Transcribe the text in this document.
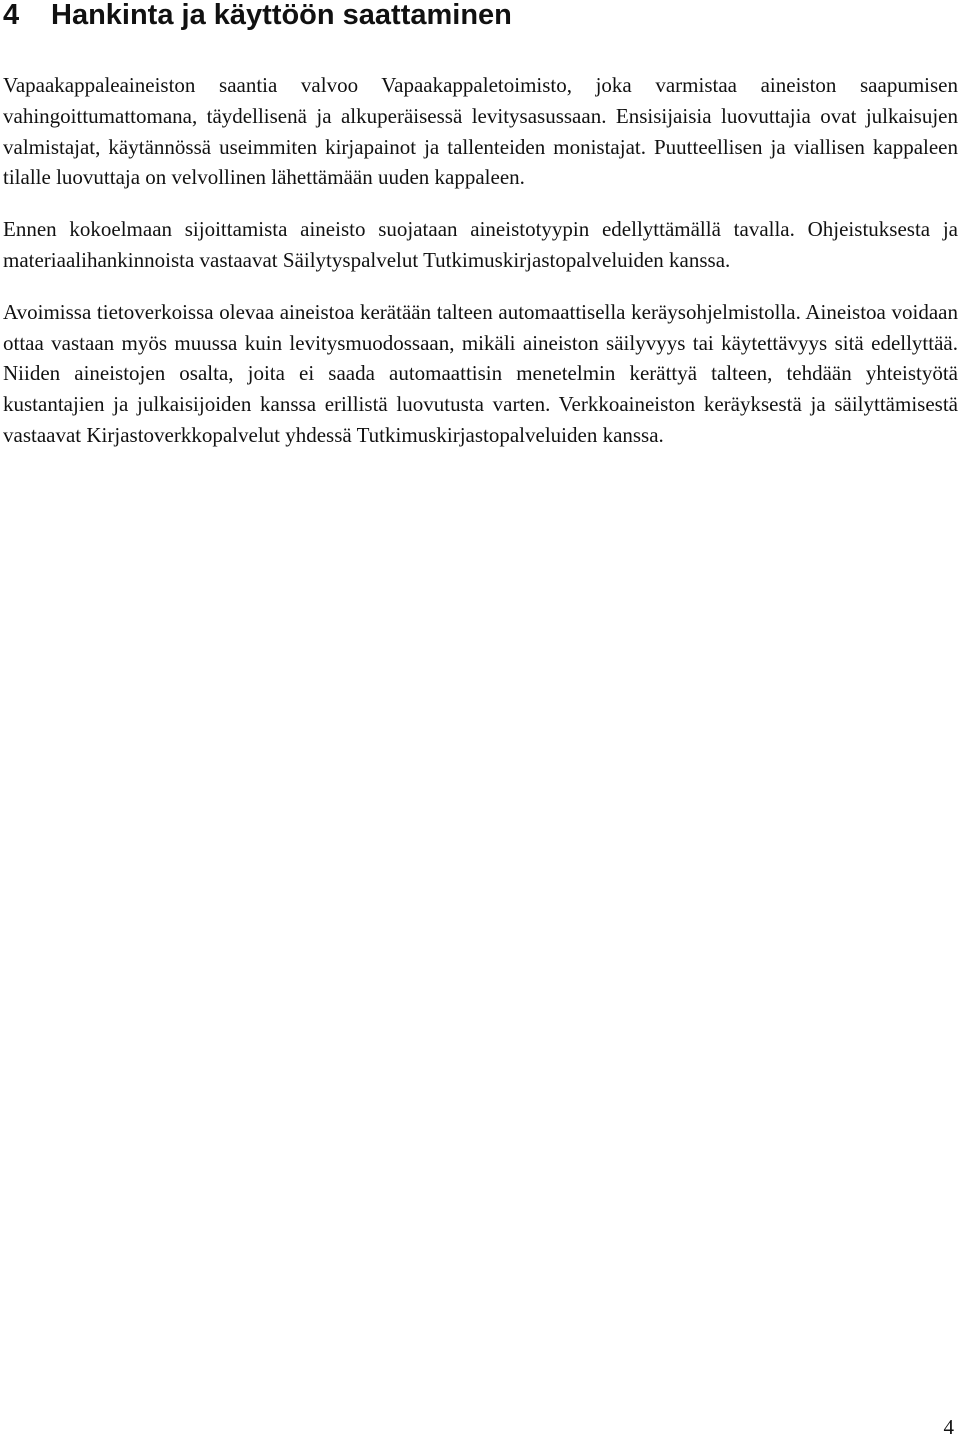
4	Hankinta ja käyttöön saattaminen

Vapaakappaleaineiston saantia valvoo Vapaakappaletoimisto, joka varmistaa aineiston saapumisen vahingoittumattomana, täydellisenä ja alkuperäisessä levitysasussaan. Ensisijaisia luovuttajia ovat julkaisujen valmistajat, käytännössä useimmiten kirjapainot ja tallenteiden monistajat. Puutteellisen ja viallisen kappaleen tilalle luovuttaja on velvollinen lähettämään uuden kappaleen.

Ennen kokoelmaan sijoittamista aineisto suojataan aineistotyypin edellyttämällä tavalla. Ohjeistuksesta ja materiaalihankinnoista vastaavat Säilytyspalvelut Tutkimuskirjastopalveluiden kanssa.

Avoimissa tietoverkoissa olevaa aineistoa kerätään talteen automaattisella keräysohjelmistolla. Aineistoa voidaan ottaa vastaan myös muussa kuin levitysmuodossaan, mikäli aineiston säilyvyys tai käytettävyys sitä edellyttää. Niiden aineistojen osalta, joita ei saada automaattisin menetelmin kerättyä talteen, tehdään yhteistyötä kustantajien ja julkaisijoiden kanssa erillistä luovutusta varten. Verkkoaineiston keräyksestä ja säilyttämisestä vastaavat Kirjastoverkkopalvelut yhdessä Tutkimuskirjastopalveluiden kanssa.

4
